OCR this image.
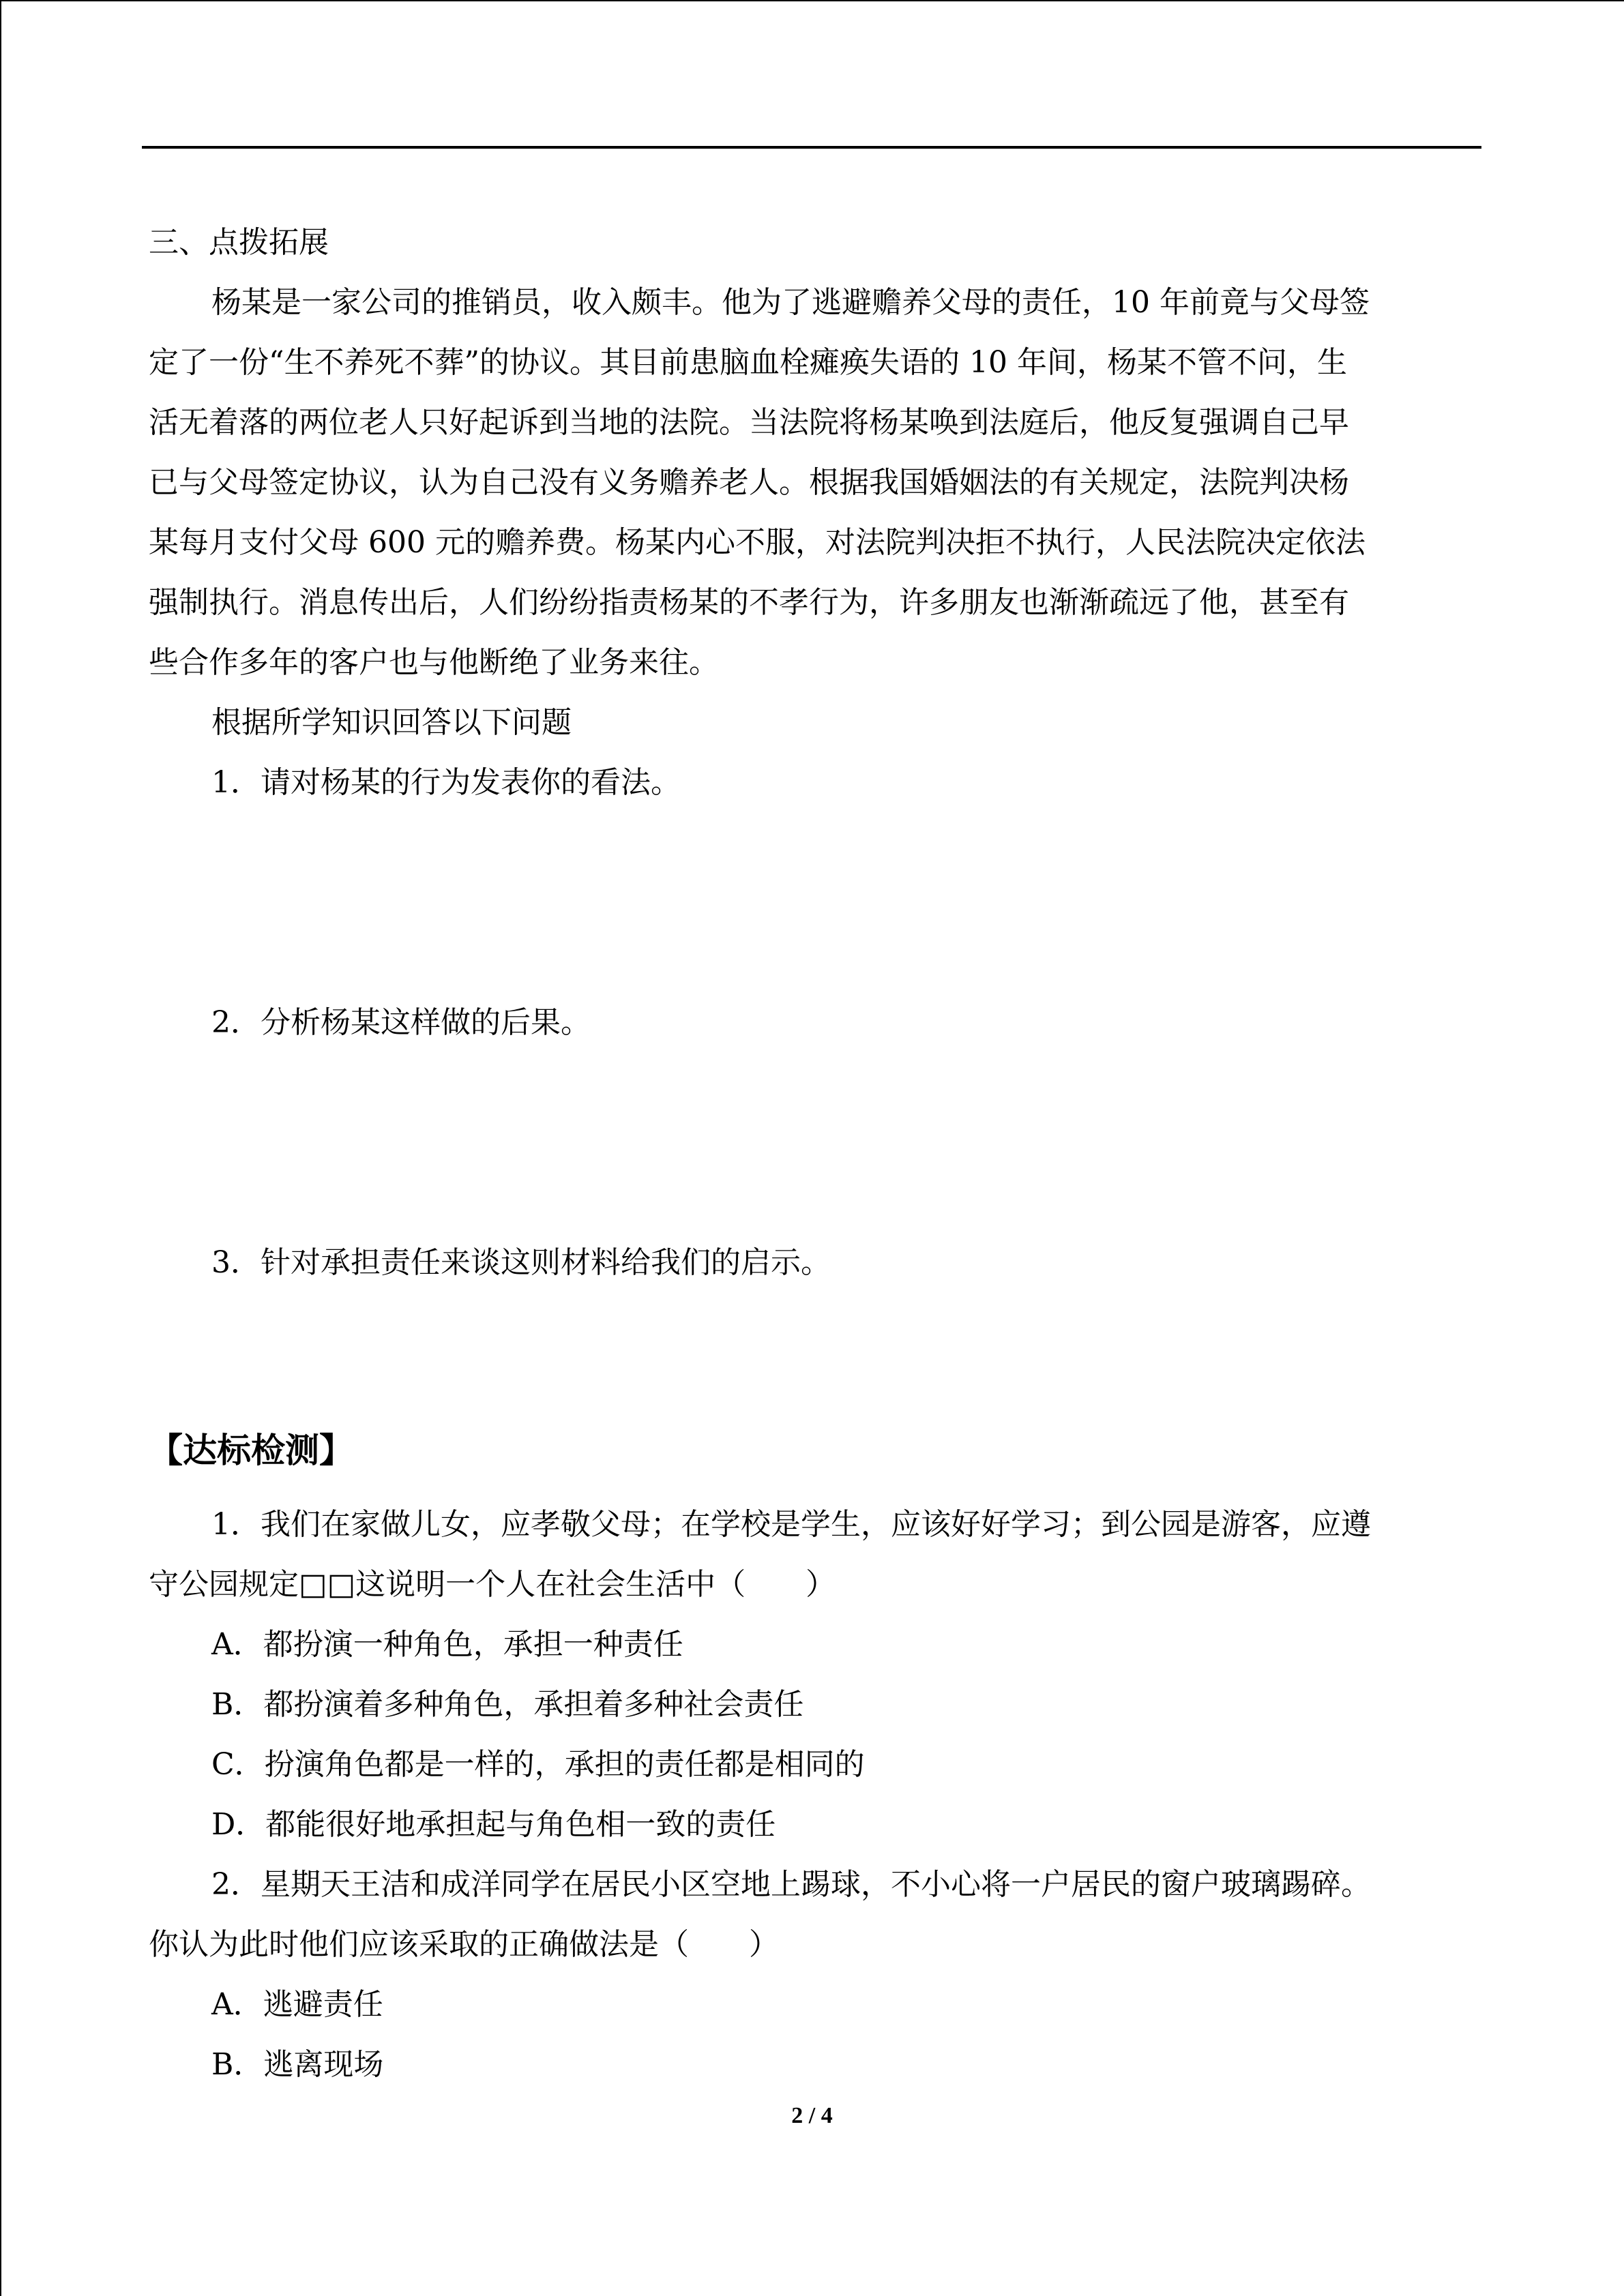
三、点拨拓展

杨某是一家公司的推销员，收入颇丰。他为了逃避赡养父母的责任，10 年前竟与父母签

定了一份“生不养死不葬”的协议。其目前患脑血栓瘫痪失语的 10 年间，杨某不管不问，生

活无着落的两位老人只好起诉到当地的法院。当法院将杨某唤到法庭后，他反复强调自己早

已与父母签定协议，认为自己没有义务赡养老人。根据我国婚姻法的有关规定，法院判决杨

某每月支付父母 600 元的赡养费。杨某内心不服，对法院判决拒不执行，人民法院决定依法

强制执行。消息传出后，人们纷纷指责杨某的不孝行为，许多朋友也渐渐疏远了他，甚至有

些合作多年的客户也与他断绝了业务来往。

根据所学知识回答以下问题

1．请对杨某的行为发表你的看法。

2．分析杨某这样做的后果。

3．针对承担责任来谈这则材料给我们的启示。

【达标检测】

1．我们在家做儿女，应孝敬父母；在学校是学生，应该好好学习；到公园是游客，应遵

守公园规定□□这说明一个人在社会生活中（　　）

A．都扮演一种角色，承担一种责任

B．都扮演着多种角色，承担着多种社会责任

C．扮演角色都是一样的，承担的责任都是相同的

D．都能很好地承担起与角色相一致的责任

2．星期天王洁和成洋同学在居民小区空地上踢球，不小心将一户居民的窗户玻璃踢碎。

你认为此时他们应该采取的正确做法是（　　）

A．逃避责任

B．逃离现场

2 / 4
